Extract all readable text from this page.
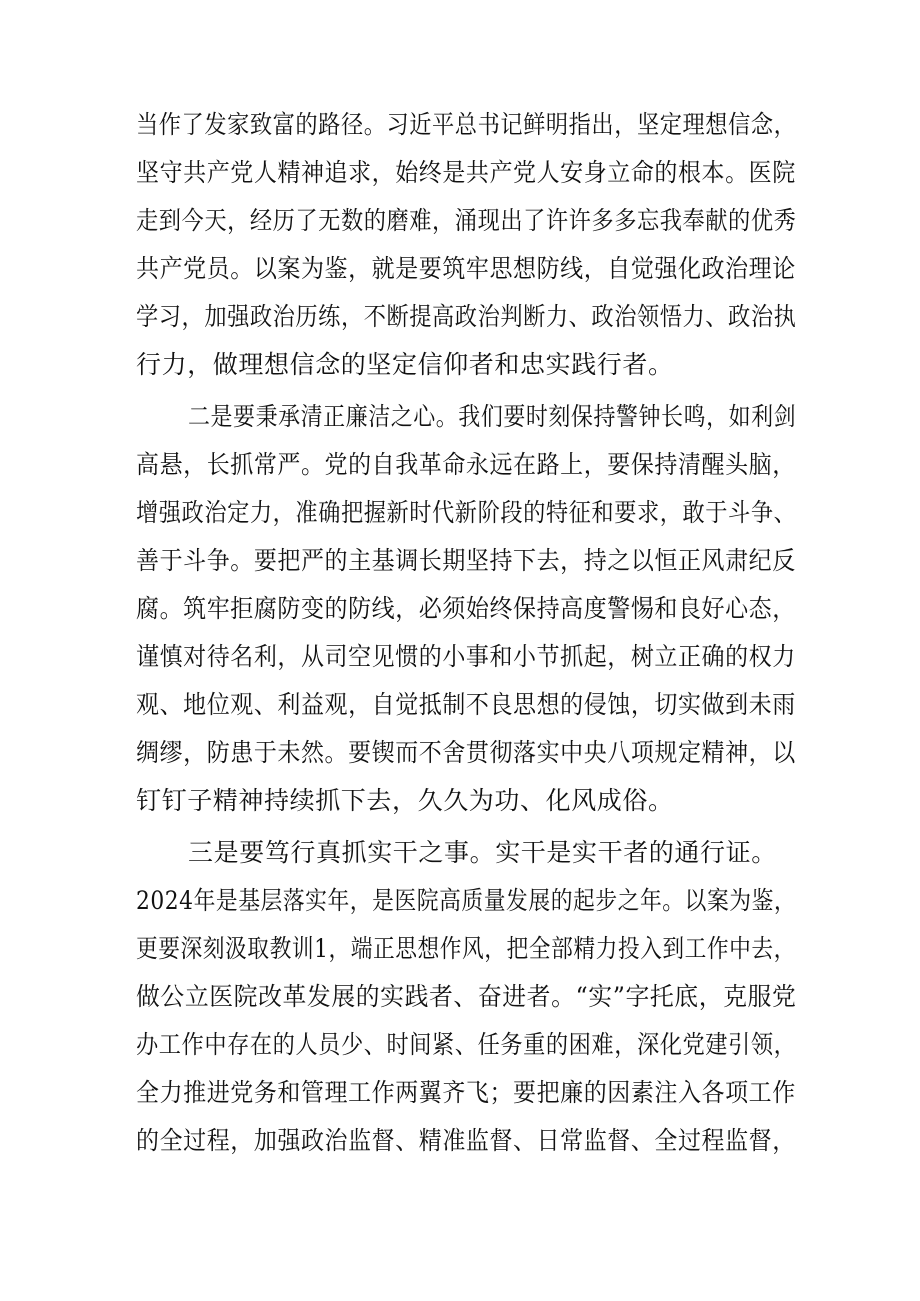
当作了发家致富的路径。习近平总书记鲜明指出，坚定理想信念，
坚守共产党人精神追求，始终是共产党人安身立命的根本。医院
走到今天，经历了无数的磨难，涌现出了许许多多忘我奉献的优秀
共产党员。以案为鉴，就是要筑牢思想防线，自觉强化政治理论
学习，加强政治历练，不断提高政治判断力、政治领悟力、政治执
行力，做理想信念的坚定信仰者和忠实践行者。
二是要秉承清正廉洁之心。我们要时刻保持警钟长鸣，如利剑
高悬，长抓常严。党的自我革命永远在路上，要保持清醒头脑，
增强政治定力，准确把握新时代新阶段的特征和要求，敢于斗争、
善于斗争。要把严的主基调长期坚持下去，持之以恒正风肃纪反
腐。筑牢拒腐防变的防线，必须始终保持高度警惕和良好心态，
谨慎对待名利，从司空见惯的小事和小节抓起，树立正确的权力
观、地位观、利益观，自觉抵制不良思想的侵蚀，切实做到未雨
绸缪，防患于未然。要锲而不舍贯彻落实中央八项规定精神，以
钉钉子精神持续抓下去，久久为功、化风成俗。
三是要笃行真抓实干之事。实干是实干者的通行证。
2024年是基层落实年，是医院高质量发展的起步之年。以案为鉴，
更要深刻汲取教训1，端正思想作风，把全部精力投入到工作中去，
做公立医院改革发展的实践者、奋进者。“实”字托底，克服党
办工作中存在的人员少、时间紧、任务重的困难，深化党建引领，
全力推进党务和管理工作两翼齐飞；要把廉的因素注入各项工作
的全过程，加强政治监督、精准监督、日常监督、全过程监督，
